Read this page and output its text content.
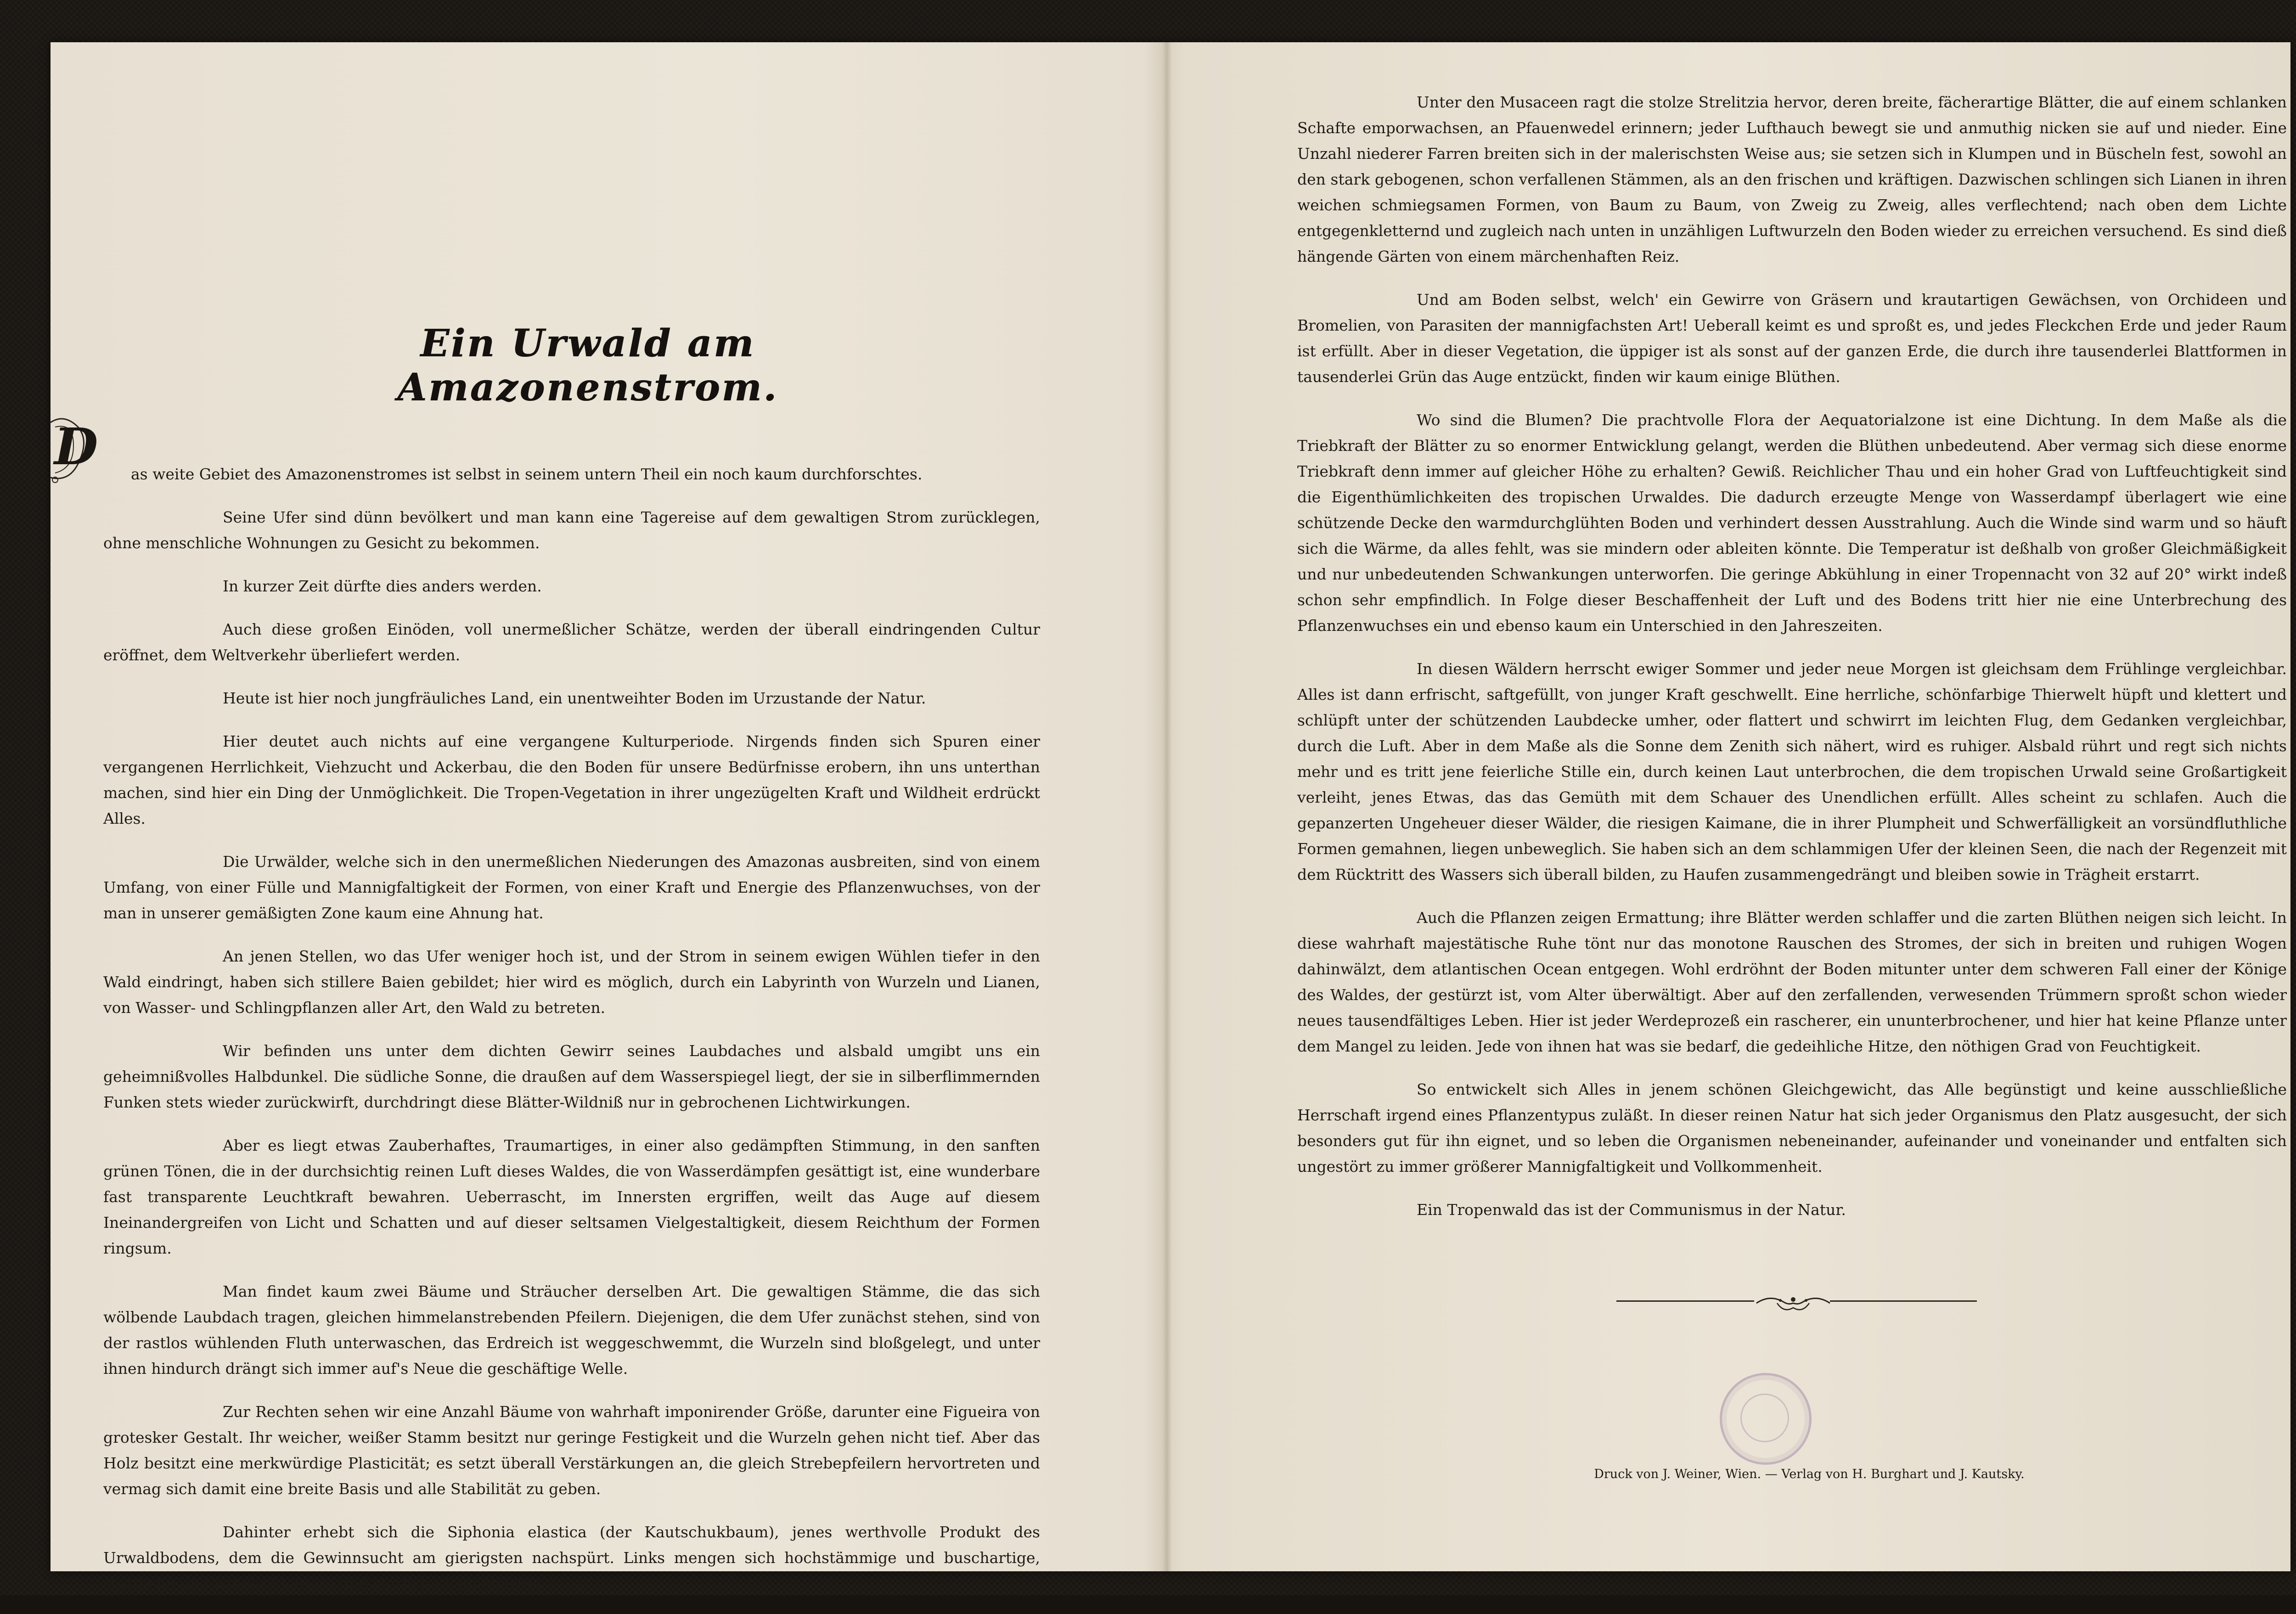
Ein Urwald am Amazonenstrom.
D as weite Gebiet des Amazonenstromes ist selbst in seinem untern Theil ein noch kaum durchforschtes.

Seine Ufer sind dünn bevölkert und man kann eine Tagereise auf dem gewaltigen Strom zurücklegen, ohne menschliche Wohnungen zu Gesicht zu bekommen.

In kurzer Zeit dürfte dies anders werden.

Auch diese großen Einöden, voll unermeßlicher Schätze, werden der überall eindringenden Cultur eröffnet, dem Weltverkehr überliefert werden.

Heute ist hier noch jungfräuliches Land, ein unentweihter Boden im Urzustande der Natur.

Hier deutet auch nichts auf eine vergangene Kulturperiode. Nirgends finden sich Spuren einer vergangenen Herrlichkeit, Viehzucht und Ackerbau, die den Boden für unsere Bedürfnisse erobern, ihn uns unterthan machen, sind hier ein Ding der Unmöglichkeit. Die Tropen-Vegetation in ihrer ungezügelten Kraft und Wildheit erdrückt Alles.

Die Urwälder, welche sich in den unermeßlichen Niederungen des Amazonas ausbreiten, sind von einem Umfang, von einer Fülle und Mannigfaltigkeit der Formen, von einer Kraft und Energie des Pflanzenwuchses, von der man in unserer gemäßigten Zone kaum eine Ahnung hat.

An jenen Stellen, wo das Ufer weniger hoch ist, und der Strom in seinem ewigen Wühlen tiefer in den Wald eindringt, haben sich stillere Baien gebildet; hier wird es möglich, durch ein Labyrinth von Wurzeln und Lianen, von Wasser- und Schlingpflanzen aller Art, den Wald zu betreten.

Wir befinden uns unter dem dichten Gewirr seines Laubdaches und alsbald umgibt uns ein geheimnißvolles Halbdunkel. Die südliche Sonne, die draußen auf dem Wasserspiegel liegt, der sie in silberflimmernden Funken stets wieder zurückwirft, durchdringt diese Blätter-Wildniß nur in gebrochenen Lichtwirkungen.

Aber es liegt etwas Zauberhaftes, Traumartiges, in einer also gedämpften Stimmung, in den sanften grünen Tönen, die in der durchsichtig reinen Luft dieses Waldes, die von Wasserdämpfen gesättigt ist, eine wunderbare fast transparente Leuchtkraft bewahren. Ueberrascht, im Innersten ergriffen, weilt das Auge auf diesem Ineinandergreifen von Licht und Schatten und auf dieser seltsamen Vielgestaltigkeit, diesem Reichthum der Formen ringsum.

Man findet kaum zwei Bäume und Sträucher derselben Art. Die gewaltigen Stämme, die das sich wölbende Laubdach tragen, gleichen himmelanstrebenden Pfeilern. Diejenigen, die dem Ufer zunächst stehen, sind von der rastlos wühlenden Fluth unterwaschen, das Erdreich ist weggeschwemmt, die Wurzeln sind bloßgelegt, und unter ihnen hindurch drängt sich immer auf's Neue die geschäftige Welle.

Zur Rechten sehen wir eine Anzahl Bäume von wahrhaft imponirender Größe, darunter eine Figueira von grotesker Gestalt. Ihr weicher, weißer Stamm besitzt nur geringe Festigkeit und die Wurzeln gehen nicht tief. Aber das Holz besitzt eine merkwürdige Plasticität; es setzt überall Verstärkungen an, die gleich Strebepfeilern hervortreten und vermag sich damit eine breite Basis und alle Stabilität zu geben.

Dahinter erhebt sich die Siphonia elastica (der Kautschukbaum), jenes werthvolle Produkt des Urwaldbodens, dem die Gewinnsucht am gierigsten nachspürt. Links mengen sich hochstämmige und buschartige, stattliche und wieder kleinere und zierliche Palmenarten.

Unter den Musaceen ragt die stolze Strelitzia hervor, deren breite, fächerartige Blätter, die auf einem schlanken Schafte emporwachsen, an Pfauenwedel erinnern; jeder Lufthauch bewegt sie und anmuthig nicken sie auf und nieder. Eine Unzahl niederer Farren breiten sich in der malerischsten Weise aus; sie setzen sich in Klumpen und in Büscheln fest, sowohl an den stark gebogenen, schon verfallenen Stämmen, als an den frischen und kräftigen. Dazwischen schlingen sich Lianen in ihren weichen schmiegsamen Formen, von Baum zu Baum, von Zweig zu Zweig, alles verflechtend; nach oben dem Lichte entgegenkletternd und zugleich nach unten in unzähligen Luftwurzeln den Boden wieder zu erreichen versuchend. Es sind dieß hängende Gärten von einem märchenhaften Reiz.

Und am Boden selbst, welch' ein Gewirre von Gräsern und krautartigen Gewächsen, von Orchideen und Bromelien, von Parasiten der mannigfachsten Art! Ueberall keimt es und sproßt es, und jedes Fleckchen Erde und jeder Raum ist erfüllt. Aber in dieser Vegetation, die üppiger ist als sonst auf der ganzen Erde, die durch ihre tausenderlei Blattformen in tausenderlei Grün das Auge entzückt, finden wir kaum einige Blüthen.

Wo sind die Blumen? Die prachtvolle Flora der Aequatorialzone ist eine Dichtung. In dem Maße als die Triebkraft der Blätter zu so enormer Entwicklung gelangt, werden die Blüthen unbedeutend. Aber vermag sich diese enorme Triebkraft denn immer auf gleicher Höhe zu erhalten? Gewiß. Reichlicher Thau und ein hoher Grad von Luftfeuchtigkeit sind die Eigenthümlichkeiten des tropischen Urwaldes. Die dadurch erzeugte Menge von Wasserdampf überlagert wie eine schützende Decke den warmdurchglühten Boden und verhindert dessen Ausstrahlung. Auch die Winde sind warm und so häuft sich die Wärme, da alles fehlt, was sie mindern oder ableiten könnte. Die Temperatur ist deßhalb von großer Gleichmäßigkeit und nur unbedeutenden Schwankungen unterworfen. Die geringe Abkühlung in einer Tropennacht von 32 auf 20° wirkt indeß schon sehr empfindlich. In Folge dieser Beschaffenheit der Luft und des Bodens tritt hier nie eine Unterbrechung des Pflanzenwuchses ein und ebenso kaum ein Unterschied in den Jahreszeiten.

In diesen Wäldern herrscht ewiger Sommer und jeder neue Morgen ist gleichsam dem Frühlinge vergleichbar. Alles ist dann erfrischt, saftgefüllt, von junger Kraft geschwellt. Eine herrliche, schönfarbige Thierwelt hüpft und klettert und schlüpft unter der schützenden Laubdecke umher, oder flattert und schwirrt im leichten Flug, dem Gedanken vergleichbar, durch die Luft. Aber in dem Maße als die Sonne dem Zenith sich nähert, wird es ruhiger. Alsbald rührt und regt sich nichts mehr und es tritt jene feierliche Stille ein, durch keinen Laut unterbrochen, die dem tropischen Urwald seine Großartigkeit verleiht, jenes Etwas, das das Gemüth mit dem Schauer des Unendlichen erfüllt. Alles scheint zu schlafen. Auch die gepanzerten Ungeheuer dieser Wälder, die riesigen Kaimane, die in ihrer Plumpheit und Schwerfälligkeit an vorsündfluthliche Formen gemahnen, liegen unbeweglich. Sie haben sich an dem schlammigen Ufer der kleinen Seen, die nach der Regenzeit mit dem Rücktritt des Wassers sich überall bilden, zu Haufen zusammengedrängt und bleiben sowie in Trägheit erstarrt.

Auch die Pflanzen zeigen Ermattung; ihre Blätter werden schlaffer und die zarten Blüthen neigen sich leicht. In diese wahrhaft majestätische Ruhe tönt nur das monotone Rauschen des Stromes, der sich in breiten und ruhigen Wogen dahinwälzt, dem atlantischen Ocean entgegen. Wohl erdröhnt der Boden mitunter unter dem schweren Fall einer der Könige des Waldes, der gestürzt ist, vom Alter überwältigt. Aber auf den zerfallenden, verwesenden Trümmern sproßt schon wieder neues tausendfältiges Leben. Hier ist jeder Werdeprozeß ein rascherer, ein ununterbrochener, und hier hat keine Pflanze unter dem Mangel zu leiden. Jede von ihnen hat was sie bedarf, die gedeihliche Hitze, den nöthigen Grad von Feuchtigkeit.

So entwickelt sich Alles in jenem schönen Gleichgewicht, das Alle begünstigt und keine ausschließliche Herrschaft irgend eines Pflanzentypus zuläßt. In dieser reinen Natur hat sich jeder Organismus den Platz ausgesucht, der sich besonders gut für ihn eignet, und so leben die Organismen nebeneinander, aufeinander und voneinander und entfalten sich ungestört zu immer größerer Mannigfaltigkeit und Vollkommenheit.

Ein Tropenwald das ist der Communismus in der Natur.

Druck von J. Weiner, Wien. — Verlag von H. Burghart und J. Kautsky.
